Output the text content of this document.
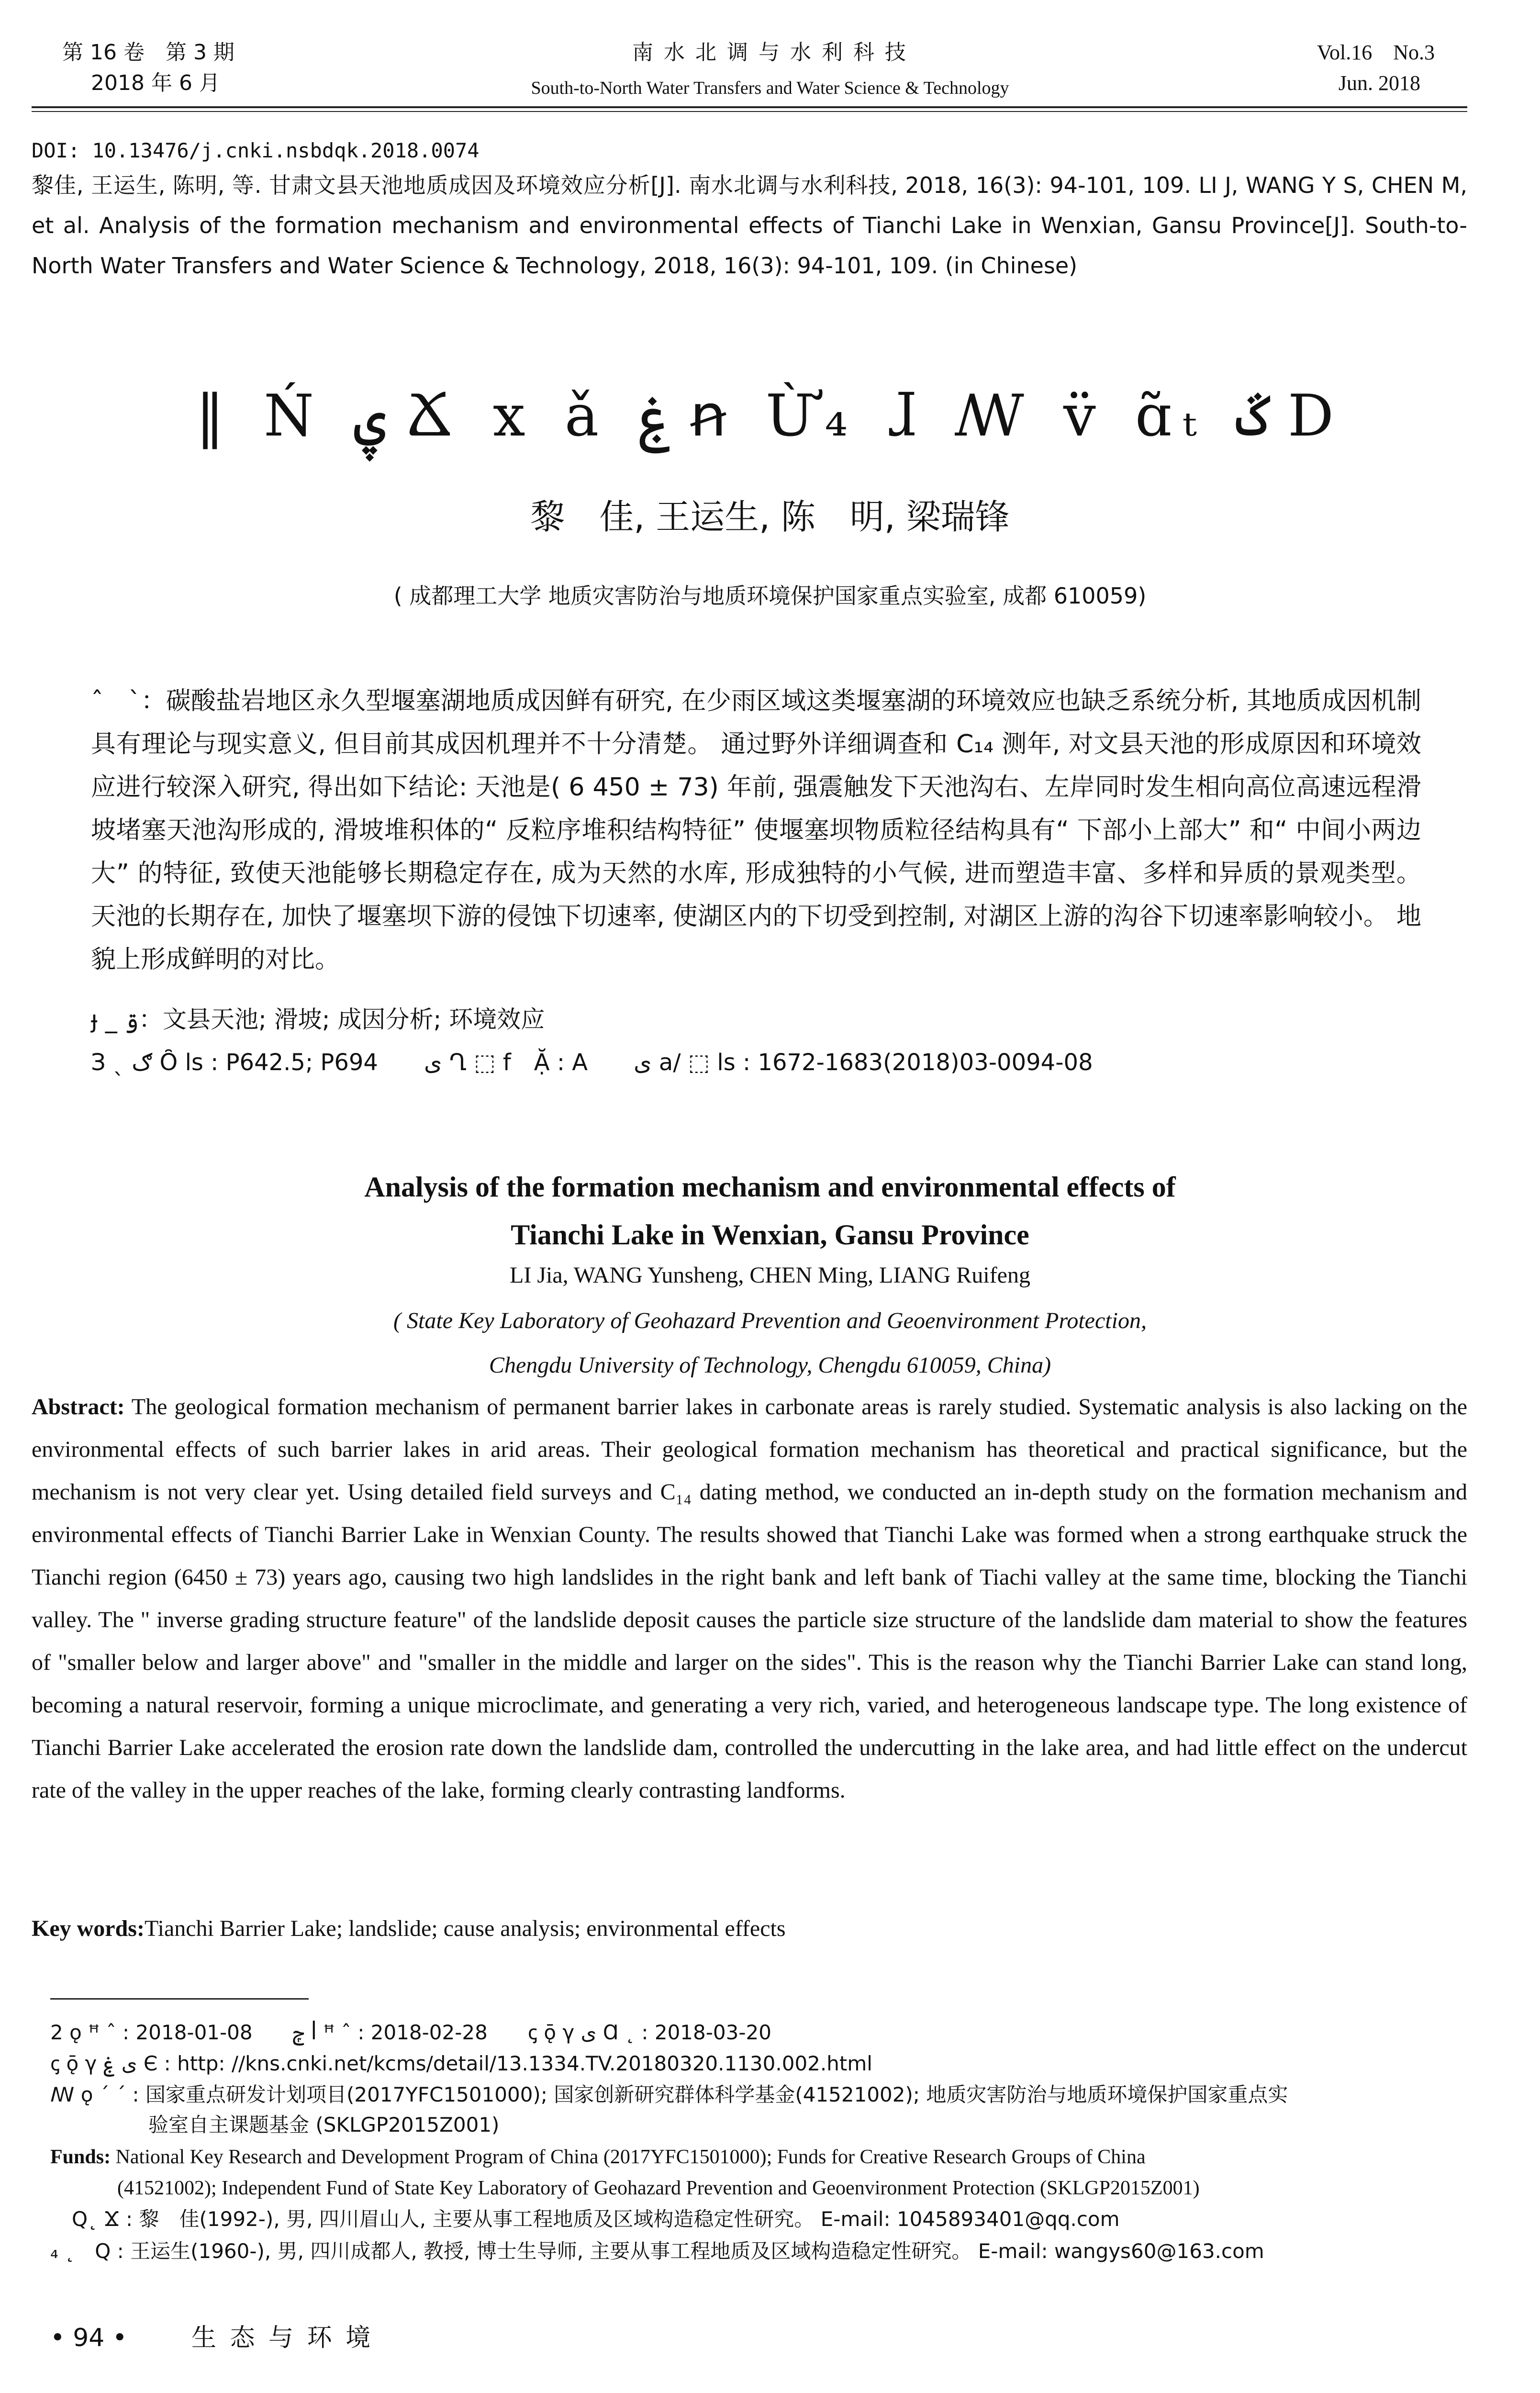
第 16 卷　第 3 期
2018 年 6 月
南 水 北 调 与 水 利 科 技
South-to-North Water Transfers and Water Science & Technology
Vol.16　No.3
Jun. 2018
DOI: 10.13476/j.cnki.nsbdqk.2018.0074
黎佳, 王运生, 陈明, 等. 甘肃文县天池地质成因及环境效应分析[J]. 南水北调与水利科技, 2018, 16(3): 94-101, 109. LI J, WANG Y S, CHEN M, et al. Analysis of the formation mechanism and environmental effects of Tianchi Lake in Wenxian, Gansu Province[J]. South-to-North Water Transfers and Water Science & Technology, 2018, 16(3): 94-101, 109. (in Chinese)
‖ Ń ۑ Ճ x ǎ ۼ ꞥ Ừ₄ ɺ ꟿ v̈ ɑ̃ₜ ػ D
黎　佳, 王运生, 陈　明, 梁瑞锋
( 成都理工大学 地质灾害防治与地质环境保护国家重点实验室, 成都 610059)
ˆ　ˋ：碳酸盐岩地区永久型堰塞湖地质成因鲜有研究, 在少雨区域这类堰塞湖的环境效应也缺乏系统分析, 其地质成因机制具有理论与现实意义, 但目前其成因机理并不十分清楚。 通过野外详细调查和 C₁₄ 测年, 对文县天池的形成原因和环境效应进行较深入研究, 得出如下结论: 天池是( 6 450 ± 73) 年前, 强震触发下天池沟右、左岸同时发生相向高位高速远程滑坡堵塞天池沟形成的, 滑坡堆积体的“ 反粒序堆积结构特征” 使堰塞坝物质粒径结构具有“ 下部小上部大” 和“ 中间小两边大” 的特征, 致使天池能够长期稳定存在, 成为天然的水库, 形成独特的小气候, 进而塑造丰富、多样和异质的景观类型。 天池的长期存在, 加快了堰塞坝下游的侵蚀下切速率, 使湖区内的下切受到控制, 对湖区上游的沟谷下切速率影响较小。 地貌上形成鲜明的对比。
ɟ _ ۊ：文县天池; 滑坡; 成因分析; 环境效应
З ˎ ګ Ȏ ls : P642.5; P694　　ی Ղ ⬚ f　Ặ : A　　ی a/ ⬚ ls : 1672-1683(2018)03-0094-08
Analysis of the formation mechanism and environmental effects of
Tianchi Lake in Wenxian, Gansu Province
LI Jia, WANG Yunsheng, CHEN Ming, LIANG Ruifeng
( State Key Laboratory of Geohazard Prevention and Geoenvironment Protection,
Chengdu University of Technology, Chengdu 610059, China)
Abstract: The geological formation mechanism of permanent barrier lakes in carbonate areas is rarely studied. Systematic analysis is also lacking on the environmental effects of such barrier lakes in arid areas. Their geological formation mechanism has theoretical and practical significance, but the mechanism is not very clear yet. Using detailed field surveys and C₁₄ dating method, we conducted an in-depth study on the formation mechanism and environmental effects of Tianchi Barrier Lake in Wenxian County. The results showed that Tianchi Lake was formed when a strong earthquake struck the Tianchi region (6450 ± 73) years ago, causing two high landslides in the right bank and left bank of Tiachi valley at the same time, blocking the Tianchi valley. The " inverse grading structure feature" of the landslide deposit causes the particle size structure of the landslide dam material to show the features of "smaller below and larger above" and "smaller in the middle and larger on the sides". This is the reason why the Tianchi Barrier Lake can stand long, becoming a natural reservoir, forming a unique microclimate, and generating a very rich, varied, and heterogeneous landscape type. The long existence of Tianchi Barrier Lake accelerated the erosion rate down the landslide dam, controlled the undercutting in the lake area, and had little effect on the undercut rate of the valley in the upper reaches of the lake, forming clearly contrasting landforms.
Key words:Tianchi Barrier Lake; landslide; cause analysis; environmental effects
2 ǫ ꟸ ˆ : 2018-01-08　　ݼ ꟾ ꟸ ˆ : 2018-02-28　　ꞔ ǭ γ ی Ɑ ˛ : 2018-03-20
ꞔ ǭ γ ی ۼ Є : http: //kns.cnki.net/kcms/detail/13.1334.TV.20180320.1130.002.html
ꟿ ǫ ˊ ˊ : 国家重点研发计划项目(2017YFC1501000); 国家创新研究群体科学基金(41521002); 地质灾害防治与地质环境保护国家重点实
验室自主课题基金 (SKLGP2015Z001)
Funds: National Key Research and Development Program of China (2017YFC1501000); Funds for Creative Research Groups of China
(41521002); Independent Fund of State Key Laboratory of Geohazard Prevention and Geoenvironment Protection (SKLGP2015Z001)
Q˛ Ϫ : 黎　佳(1992-), 男, 四川眉山人, 主要从事工程地质及区域构造稳定性研究。 E-mail: 1045893401@qq.com
₄ ˛　Q : 王运生(1960-), 男, 四川成都人, 教授, 博士生导师, 主要从事工程地质及区域构造稳定性研究。 E-mail: wangys60@163.com
• 94 •	生 态 与 环 境
